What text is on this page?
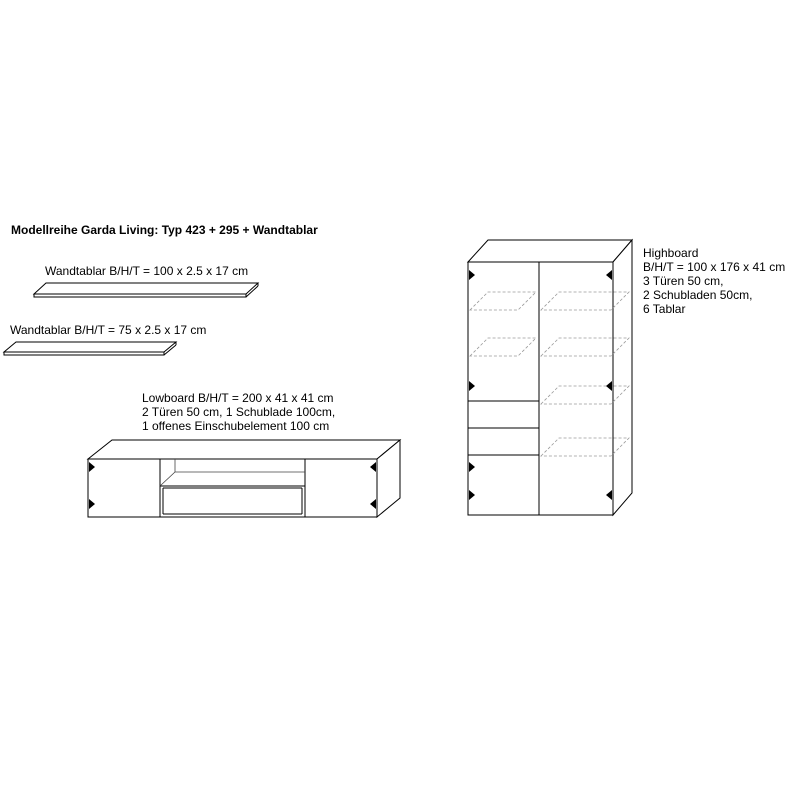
Modellreihe Garda Living: Typ 423 + 295 + Wandtablar
Wandtablar B/H/T = 100 x 2.5 x 17 cm
Wandtablar B/H/T = 75 x 2.5 x 17 cm
Lowboard B/H/T = 200 x 41 x 41 cm
2 Türen 50 cm, 1 Schublade 100cm,
1 offenes Einschubelement 100 cm
Highboard
B/H/T = 100 x 176 x 41 cm
3 Türen 50 cm,
2 Schubladen 50cm,
6 Tablar
